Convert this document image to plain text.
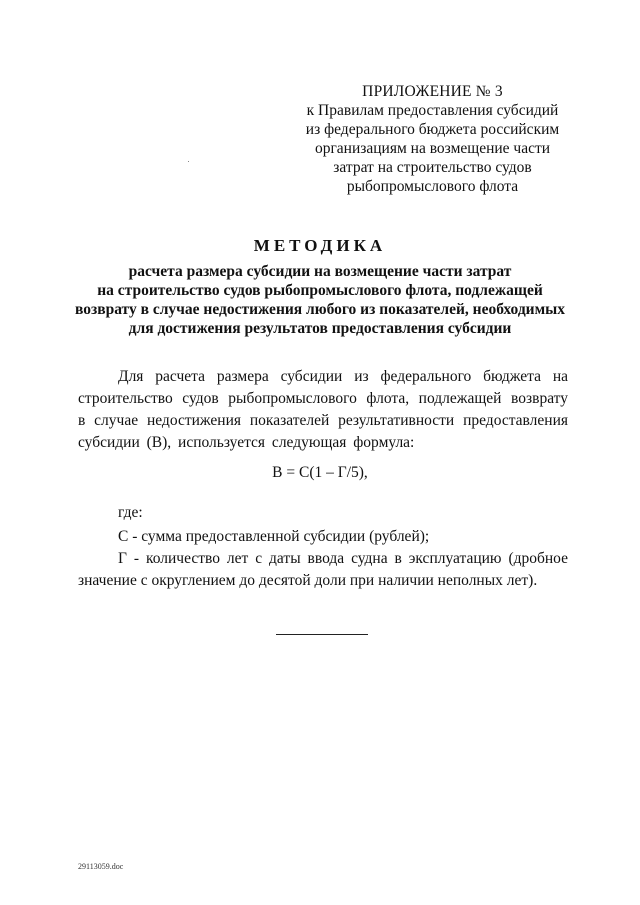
ПРИЛОЖЕНИЕ № 3
к Правилам предоставления субсидий
из федерального бюджета российским
организациям на возмещение части
затрат на строительство судов
рыбопромыслового флота
МЕТОДИКА
расчета размера субсидии на возмещение части затрат
на строительство судов рыбопромыслового флота, подлежащей
возврату в случае недостижения любого из показателей, необходимых
для достижения результатов предоставления субсидии
Для расчета размера субсидии из федерального бюджета на строительство судов рыбопромыслового флота, подлежащей возврату в случае недостижения показателей результативности предоставления субсидии (В), используется следующая формула:
В = С(1 – Г/5),
где:
С - сумма предоставленной субсидии (рублей);
Г - количество лет с даты ввода судна в эксплуатацию (дробное значение с округлением до десятой доли при наличии неполных лет).
29113059.doc
